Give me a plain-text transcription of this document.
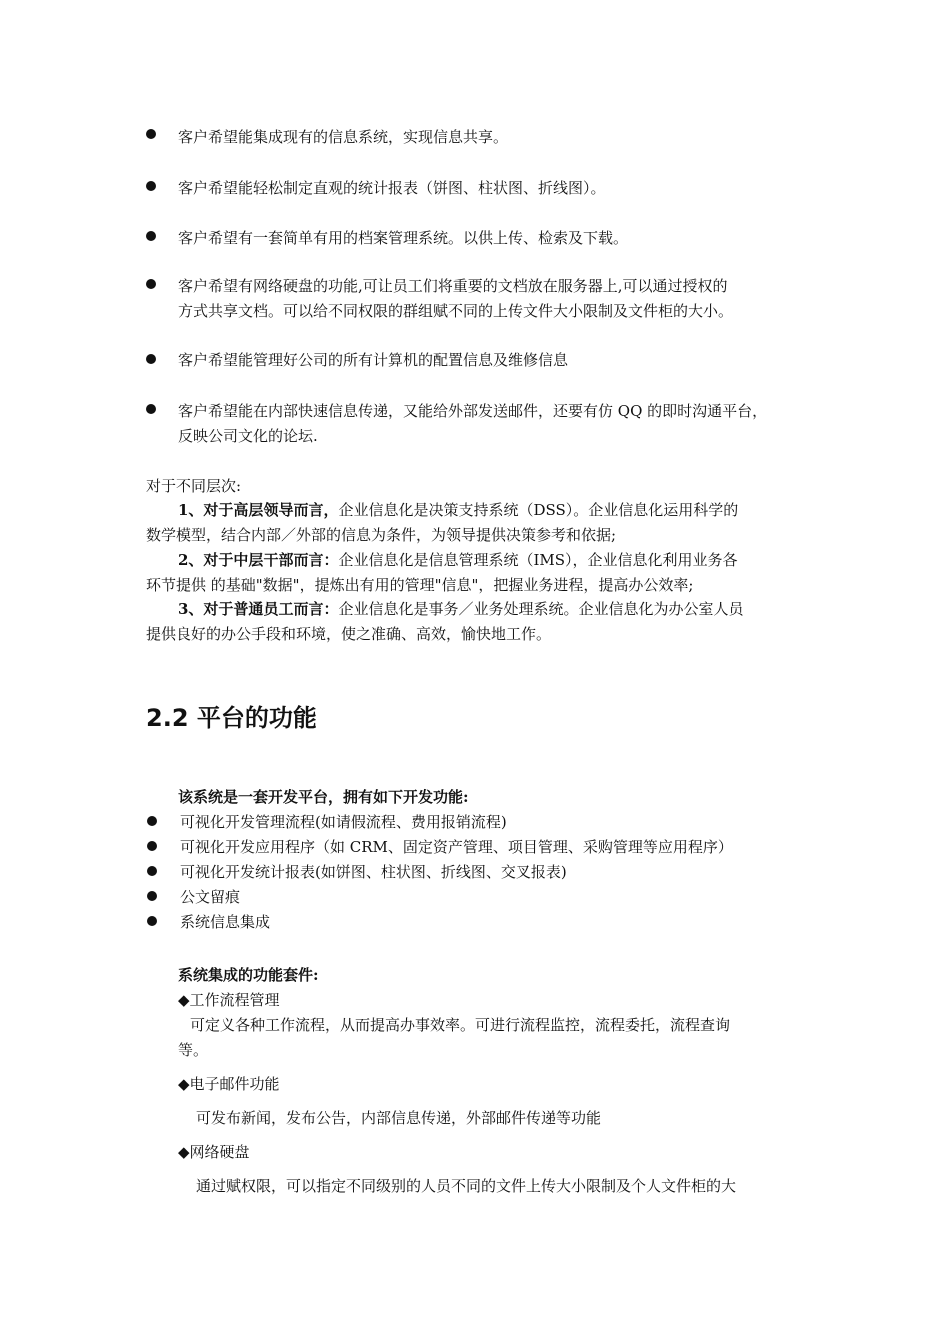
客户希望能集成现有的信息系统，实现信息共享。
客户希望能轻松制定直观的统计报表（饼图、柱状图、折线图）。
客户希望有一套简单有用的档案管理系统。以供上传、检索及下载。
客户希望有网络硬盘的功能,可让员工们将重要的文档放在服务器上,可以通过授权的
方式共享文档。可以给不同权限的群组赋不同的上传文件大小限制及文件柜的大小。
客户希望能管理好公司的所有计算机的配置信息及维修信息
客户希望能在内部快速信息传递，又能给外部发送邮件，还要有仿 QQ 的即时沟通平台，
反映公司文化的论坛.
对于不同层次:
1、对于高层领导而言，企业信息化是决策支持系统（DSS）。企业信息化运用科学的
数学模型，结合内部／外部的信息为条件，为领导提供决策参考和依据;
2、对于中层干部而言：企业信息化是信息管理系统（IMS），企业信息化利用业务各
环节提供 的基础"数据"，提炼出有用的管理"信息"，把握业务进程，提高办公效率;
3、对于普通员工而言：企业信息化是事务／业务处理系统。企业信息化为办公室人员
提供良好的办公手段和环境，使之准确、高效，愉快地工作。
2.2 平台的功能
该系统是一套开发平台，拥有如下开发功能:
可视化开发管理流程(如请假流程、费用报销流程)
可视化开发应用程序（如 CRM、固定资产管理、项目管理、采购管理等应用程序）
可视化开发统计报表(如饼图、柱状图、折线图、交叉报表)
公文留痕
系统信息集成
系统集成的功能套件:
◆工作流程管理
可定义各种工作流程，从而提高办事效率。可进行流程监控，流程委托，流程查询
等。
◆电子邮件功能
可发布新闻，发布公告，内部信息传递，外部邮件传递等功能
◆网络硬盘
通过赋权限，可以指定不同级别的人员不同的文件上传大小限制及个人文件柜的大
